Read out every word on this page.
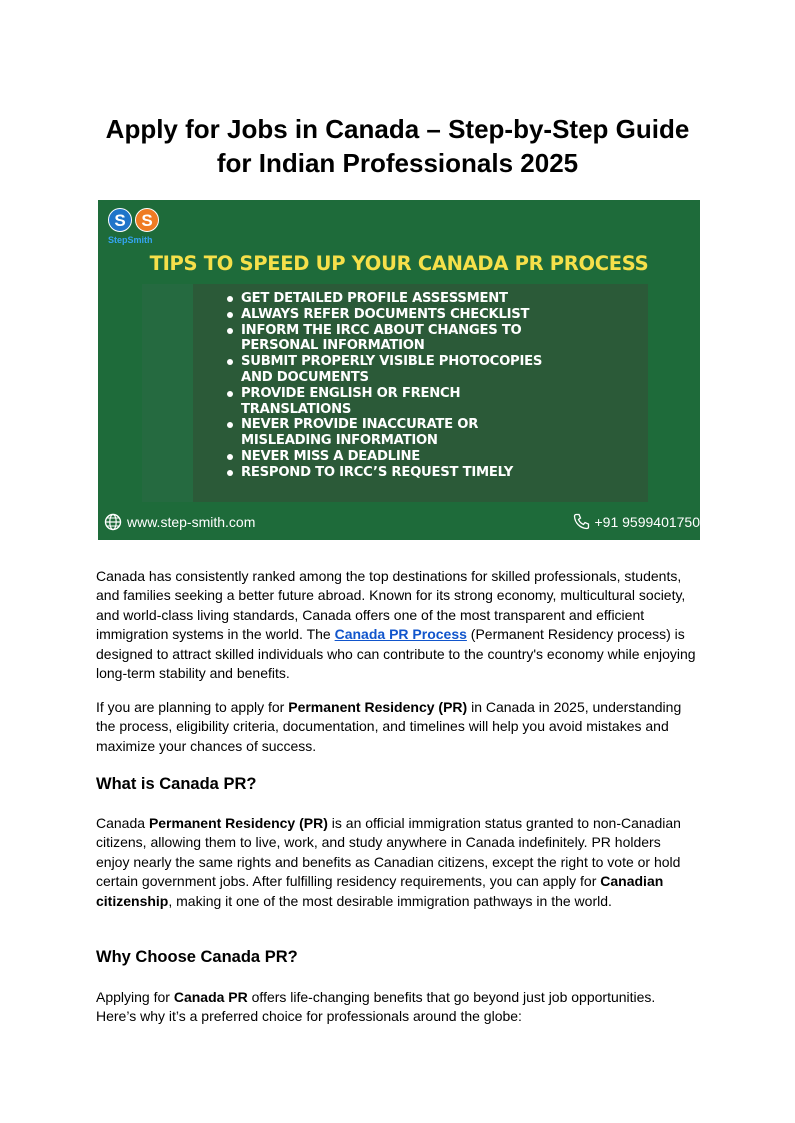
Apply for Jobs in Canada – Step-by-Step Guide
for Indian Professionals 2025
S S
StepSmith
TIPS TO SPEED UP YOUR CANADA PR PROCESS
GET DETAILED PROFILE ASSESSMENT
ALWAYS REFER DOCUMENTS CHECKLIST
INFORM THE IRCC ABOUT CHANGES TO PERSONAL INFORMATION
SUBMIT PROPERLY VISIBLE PHOTOCOPIES AND DOCUMENTS
PROVIDE ENGLISH OR FRENCH TRANSLATIONS
NEVER PROVIDE INACCURATE OR MISLEADING INFORMATION
NEVER MISS A DEADLINE
RESPOND TO IRCC’S REQUEST TIMELY
www.step-smith.com	+91 9599401750

Canada has consistently ranked among the top destinations for skilled professionals, students, and families seeking a better future abroad. Known for its strong economy, multicultural society, and world-class living standards, Canada offers one of the most transparent and efficient immigration systems in the world. The Canada PR Process (Permanent Residency process) is designed to attract skilled individuals who can contribute to the country's economy while enjoying long-term stability and benefits.

If you are planning to apply for Permanent Residency (PR) in Canada in 2025, understanding the process, eligibility criteria, documentation, and timelines will help you avoid mistakes and maximize your chances of success.

What is Canada PR?

Canada Permanent Residency (PR) is an official immigration status granted to non-Canadian citizens, allowing them to live, work, and study anywhere in Canada indefinitely. PR holders enjoy nearly the same rights and benefits as Canadian citizens, except the right to vote or hold certain government jobs. After fulfilling residency requirements, you can apply for Canadian citizenship, making it one of the most desirable immigration pathways in the world.

Why Choose Canada PR?

Applying for Canada PR offers life-changing benefits that go beyond just job opportunities. Here’s why it’s a preferred choice for professionals around the globe:
